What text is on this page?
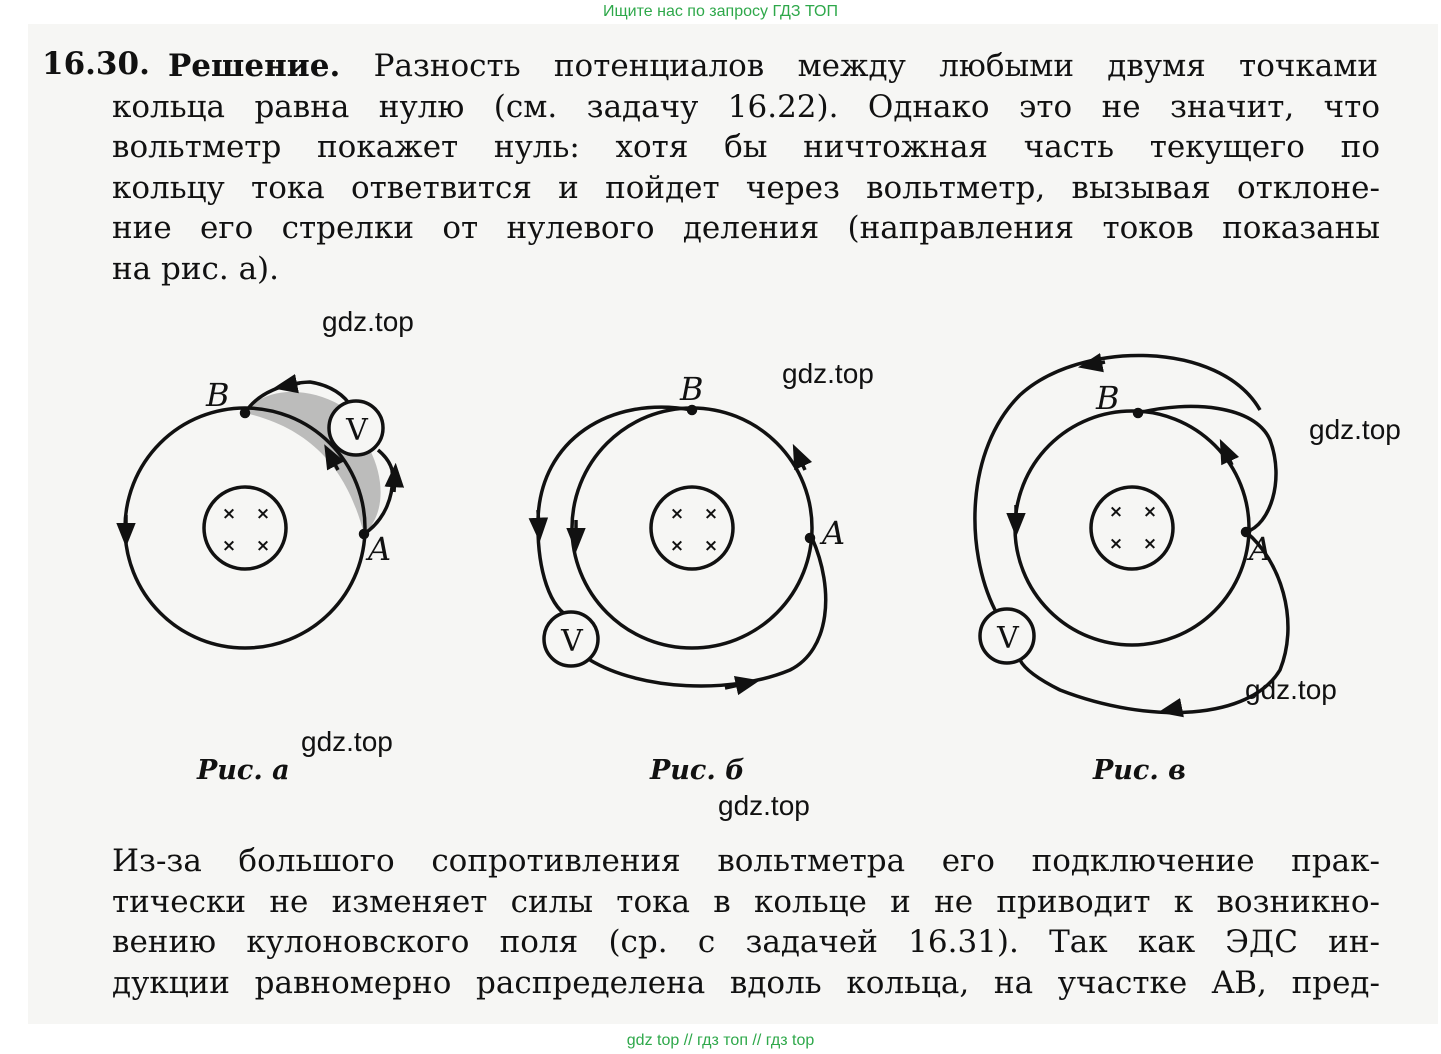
Ищите нас по запросу ГДЗ ТОП
16.30. Решение. Разность потенциалов между любыми двумя точками
кольца равна нулю (см. задачу 16.22). Однако это не значит, что
вольтметр покажет нуль: хотя бы ничтожная часть текущего по
кольцу тока ответвится и пойдет через вольтметр, вызывая отклоне-
ние его стрелки от нулевого деления (направления токов показаны
на рис. а).
B
A
B
A
B
A
V
V	V
× ×
× ×
× ×
× ×
× ×
× ×
Рис. а	Рис. б	Рис. в
gdz.top
gdz.top
gdz.top
gdz.top
gdz.top
gdz.top
Из-за большого сопротивления вольтметра его подключение прак-
тически не изменяет силы тока в кольце и не приводит к возникно-
вению кулоновского поля (ср. с задачей 16.31). Так как ЭДС ин-
дукции равномерно распределена вдоль кольца, на участке AB, пред-
gdz top // гдз топ // гдз top
